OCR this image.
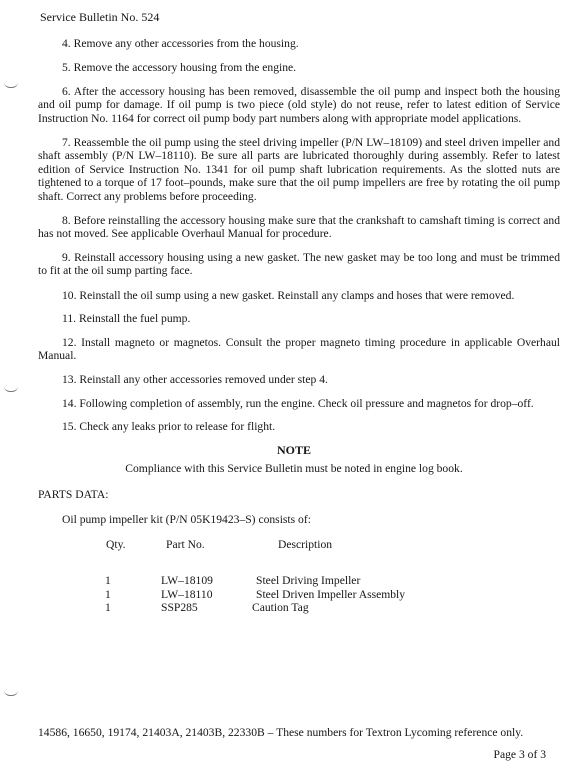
Service Bulletin No. 524
4. Remove any other accessories from the housing.
5. Remove the accessory housing from the engine.
6. After the accessory housing has been removed, disassemble the oil pump and inspect both the housing and oil pump for damage. If oil pump is two piece (old style) do not reuse, refer to latest edition of Service Instruction No. 1164 for correct oil pump body part numbers along with appropriate model applications.
7. Reassemble the oil pump using the steel driving impeller (P/N LW–18109) and steel driven impeller and shaft assembly (P/N LW–18110). Be sure all parts are lubricated thoroughly during assembly. Refer to latest edition of Service Instruction No. 1341 for oil pump shaft lubrication requirements. As the slotted nuts are tightened to a torque of 17 foot–pounds, make sure that the oil pump impellers are free by rotating the oil pump shaft. Correct any problems before proceeding.
8. Before reinstalling the accessory housing make sure that the crankshaft to camshaft timing is correct and has not moved. See applicable Overhaul Manual for procedure.
9. Reinstall accessory housing using a new gasket. The new gasket may be too long and must be trimmed to fit at the oil sump parting face.
10. Reinstall the oil sump using a new gasket. Reinstall any clamps and hoses that were removed.
11. Reinstall the fuel pump.
12. Install magneto or magnetos. Consult the proper magneto timing procedure in applicable Overhaul Manual.
13. Reinstall any other accessories removed under step 4.
14. Following completion of assembly, run the engine. Check oil pressure and magnetos for drop–off.
15. Check any leaks prior to release for flight.
NOTE
Compliance with this Service Bulletin must be noted in engine log book.
PARTS DATA:
Oil pump impeller kit (P/N 05K19423–S) consists of:
Qty.	Part No.	Description
1	LW–18109	Steel Driving Impeller
1	LW–18110	Steel Driven Impeller Assembly
1	SSP285	Caution Tag
14586, 16650, 19174, 21403A, 21403B, 22330B – These numbers for Textron Lycoming reference only.
Page 3 of 3
